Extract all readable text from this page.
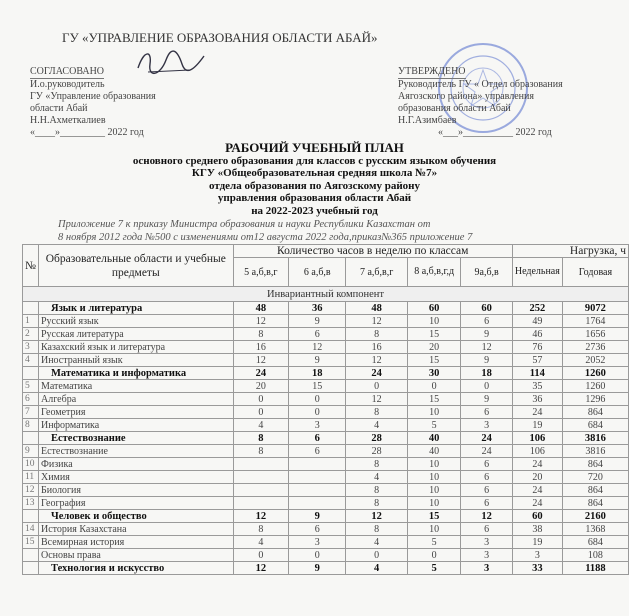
ГУ «УПРАВЛЕНИЕ ОБРАЗОВАНИЯ ОБЛАСТИ АБАЙ»
СОГЛАСОВАНО
И.о.руководитель
ГУ «Управление образования
области Абай
Н.Н.Ахметкалиев
«____»_________ 2022 год
УТВЕРЖДЕНО
Руководитель ГУ « Отдел образования
Аягозского района» управления
образования области Абай
Н.Г.Азимбаев
«___»__________ 2022 год
РАБОЧИЙ УЧЕБНЫЙ ПЛАН
основного среднего образования для классов с русским языком обучения
КГУ «Общеобразовательная средняя школа №7»
отдела образования по Аягозскому району
управления образования области Абай
на 2022-2023 учебный год
Приложение 7 к приказу Министра образования и науки Республики Казахстан от
8 ноября 2012 года №500 с изменениями от12 августа 2022 года,приказ№365 приложение 7
№	Образовательные области и учебные предметы	Количество часов в неделю по классам					Нагрузка, ч	
		5 а,б,в,г	6 а,б,в	7 а,б,в,г	8 а,б,в,г,д	9а,б,в	Недельная	Годовая
Инвариантный компонент								
	Язык и литература	48	36	48	60	60	252	9072
1	Русский язык	12	9	12	10	6	49	1764
2	Русская литература	8	6	8	15	9	46	1656
3	Казахский язык и литература	16	12	16	20	12	76	2736
4	Иностранный язык	12	9	12	15	9	57	2052
	Математика и информатика	24	18	24	30	18	114	1260
5	Математика	20	15	0	0	0	35	1260
6	Алгебра	0	0	12	15	9	36	1296
7	Геометрия	0	0	8	10	6	24	864
8	Информатика	4	3	4	5	3	19	684
	Естествознание	8	6	28	40	24	106	3816
9	Естествознание	8	6	28	40	24	106	3816
10	Физика			8	10	6	24	864
11	Химия			4	10	6	20	720
12	Биология			8	10	6	24	864
13	География			8	10	6	24	864
	Человек и общество	12	9	12	15	12	60	2160
14	История Казахстана	8	6	8	10	6	38	1368
15	Всемирная история	4	3	4	5	3	19	684
	Основы права	0	0	0	0	3	3	108
	Технология и искусство	12	9	4	5	3	33	1188
